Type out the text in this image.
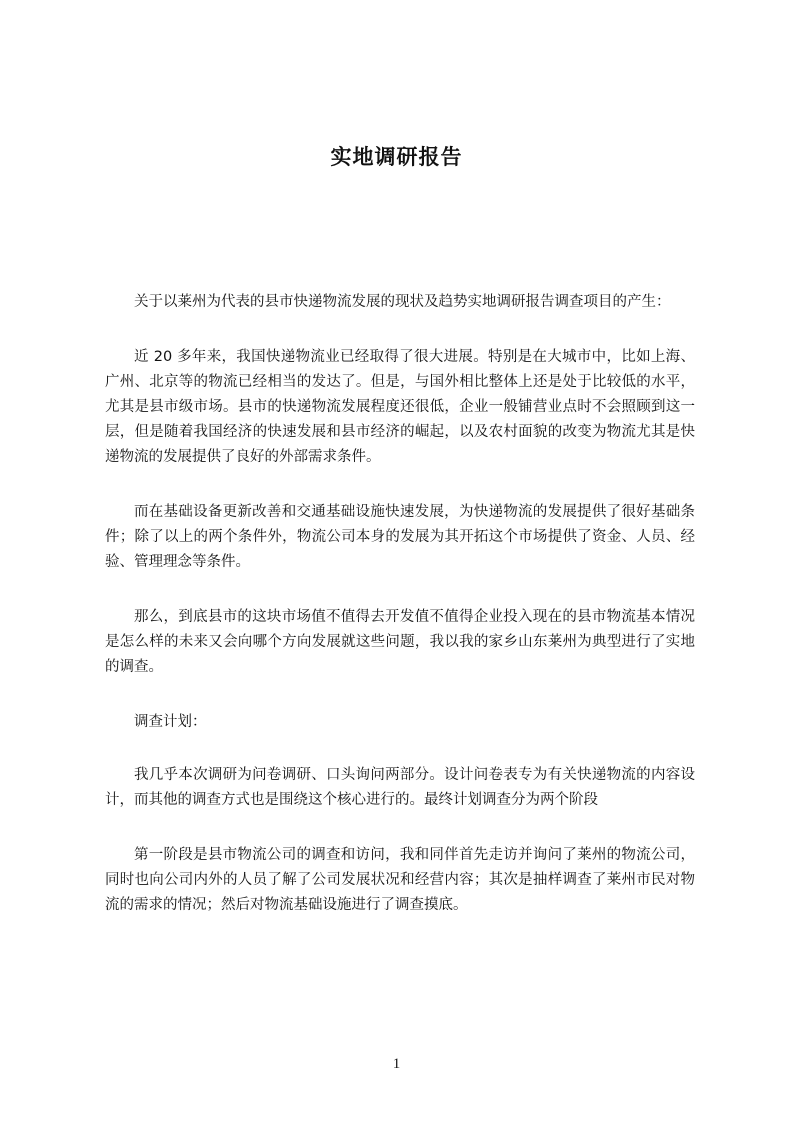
实地调研报告

关于以莱州为代表的县市快递物流发展的现状及趋势实地调研报告调查项目的产生：

近 20 多年来，我国快递物流业已经取得了很大进展。特别是在大城市中，比如上海、广州、北京等的物流已经相当的发达了。但是，与国外相比整体上还是处于比较低的水平，尤其是县市级市场。县市的快递物流发展程度还很低，企业一般铺营业点时不会照顾到这一层，但是随着我国经济的快速发展和县市经济的崛起，以及农村面貌的改变为物流尤其是快递物流的发展提供了良好的外部需求条件。

而在基础设备更新改善和交通基础设施快速发展，为快递物流的发展提供了很好基础条件；除了以上的两个条件外，物流公司本身的发展为其开拓这个市场提供了资金、人员、经验、管理理念等条件。

那么，到底县市的这块市场值不值得去开发值不值得企业投入现在的县市物流基本情况是怎么样的未来又会向哪个方向发展就这些问题，我以我的家乡山东莱州为典型进行了实地的调查。

调查计划：

我几乎本次调研为问卷调研、口头询问两部分。设计问卷表专为有关快递物流的内容设计，而其他的调查方式也是围绕这个核心进行的。最终计划调查分为两个阶段

第一阶段是县市物流公司的调查和访问，我和同伴首先走访并询问了莱州的物流公司，同时也向公司内外的人员了解了公司发展状况和经营内容；其次是抽样调查了莱州市民对物流的需求的情况；然后对物流基础设施进行了调查摸底。

1
